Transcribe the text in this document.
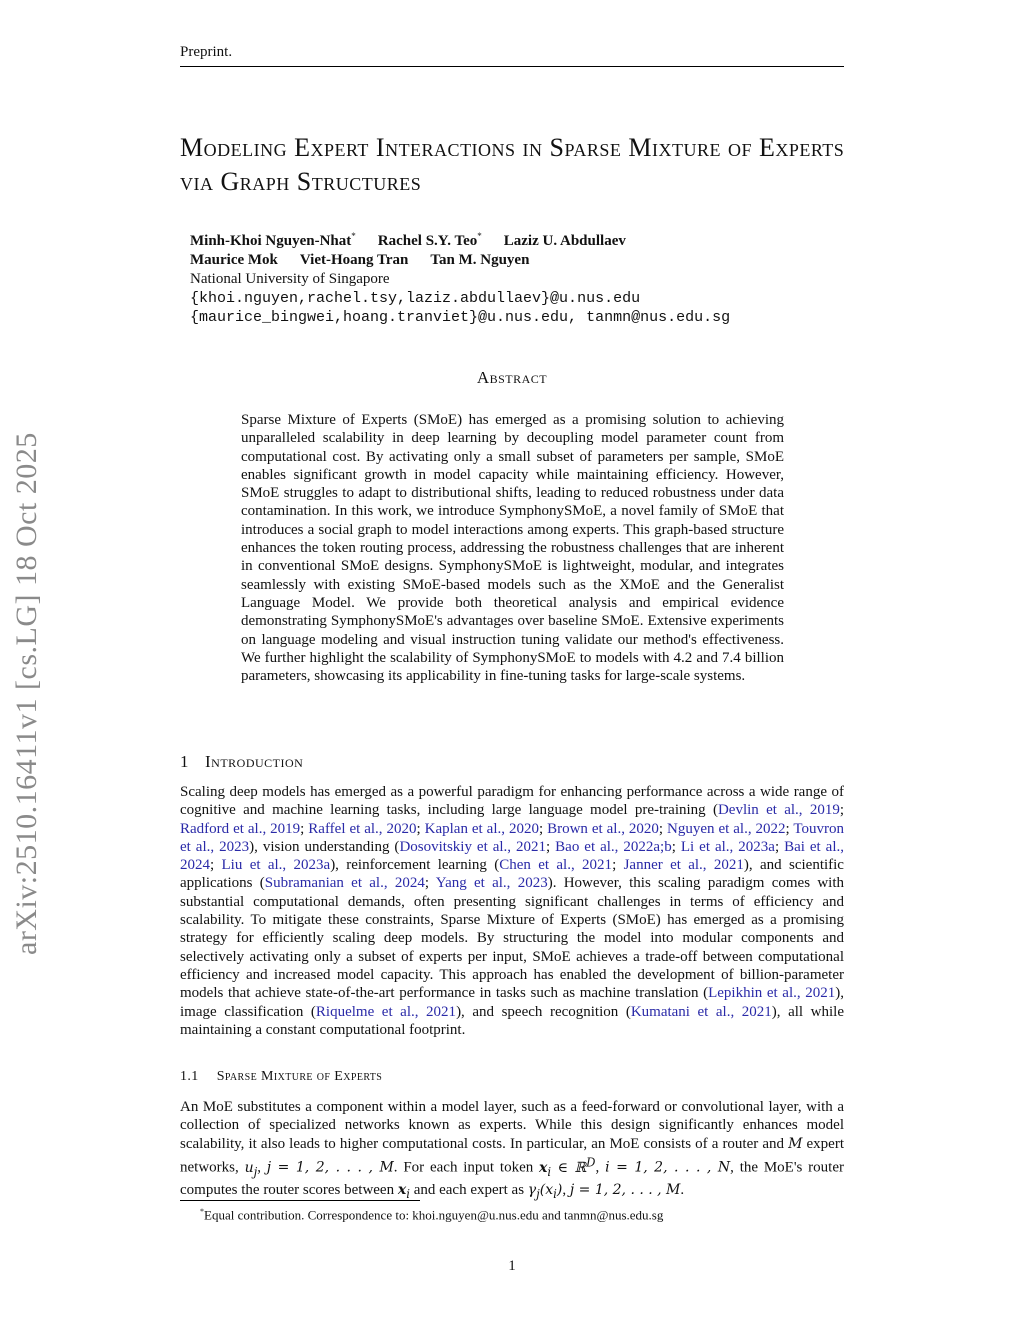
Preprint.
arXiv:2510.16411v1 [cs.LG] 18 Oct 2025
Modeling Expert Interactions in Sparse Mixture of Experts via Graph Structures
Minh-Khoi Nguyen-Nhat* Rachel S.Y. Teo* Laziz U. Abdullaev
Maurice Mok Viet-Hoang Tran Tan M. Nguyen
National University of Singapore
{khoi.nguyen,rachel.tsy,laziz.abdullaev}@u.nus.edu
{maurice_bingwei,hoang.tranviet}@u.nus.edu, tanmn@nus.edu.sg
Abstract
Sparse Mixture of Experts (SMoE) has emerged as a promising solution to achieving unparalleled scalability in deep learning by decoupling model parameter count from computational cost. By activating only a small subset of parameters per sample, SMoE enables significant growth in model capacity while maintaining efficiency. However, SMoE struggles to adapt to distributional shifts, leading to reduced robustness under data contamination. In this work, we introduce SymphonySMoE, a novel family of SMoE that introduces a social graph to model interactions among experts. This graph-based structure enhances the token routing process, addressing the robustness challenges that are inherent in conventional SMoE designs. SymphonySMoE is lightweight, modular, and integrates seamlessly with existing SMoE-based models such as the XMoE and the Generalist Language Model. We provide both theoretical analysis and empirical evidence demonstrating SymphonySMoE's advantages over baseline SMoE. Extensive experiments on language modeling and visual instruction tuning validate our method's effectiveness. We further highlight the scalability of SymphonySMoE to models with 4.2 and 7.4 billion parameters, showcasing its applicability in fine-tuning tasks for large-scale systems.
1 Introduction
Scaling deep models has emerged as a powerful paradigm for enhancing performance across a wide range of cognitive and machine learning tasks, including large language model pre-training (Devlin et al., 2019; Radford et al., 2019; Raffel et al., 2020; Kaplan et al., 2020; Brown et al., 2020; Nguyen et al., 2022; Touvron et al., 2023), vision understanding (Dosovitskiy et al., 2021; Bao et al., 2022a;b; Li et al., 2023a; Bai et al., 2024; Liu et al., 2023a), reinforcement learning (Chen et al., 2021; Janner et al., 2021), and scientific applications (Subramanian et al., 2024; Yang et al., 2023). However, this scaling paradigm comes with substantial computational demands, often presenting significant challenges in terms of efficiency and scalability. To mitigate these constraints, Sparse Mixture of Experts (SMoE) has emerged as a promising strategy for efficiently scaling deep models. By structuring the model into modular components and selectively activating only a subset of experts per input, SMoE achieves a trade-off between computational efficiency and increased model capacity. This approach has enabled the development of billion-parameter models that achieve state-of-the-art performance in tasks such as machine translation (Lepikhin et al., 2021), image classification (Riquelme et al., 2021), and speech recognition (Kumatani et al., 2021), all while maintaining a constant computational footprint.
1.1 Sparse Mixture of Experts
An MoE substitutes a component within a model layer, such as a feed-forward or convolutional layer, with a collection of specialized networks known as experts. While this design significantly enhances model scalability, it also leads to higher computational costs. In particular, an MoE consists of a router and M expert networks, $u_j$, j = 1, 2, . . . , M. For each input token $x_i$ ∈ ℝ$^D$, i = 1, 2, . . . , N, the MoE's router computes the router scores between $x_i$ and each expert as $\gamma_j(x_i)$, j = 1, 2, . . . , M.
*Equal contribution. Correspondence to: khoi.nguyen@u.nus.edu and tanmn@nus.edu.sg
1
